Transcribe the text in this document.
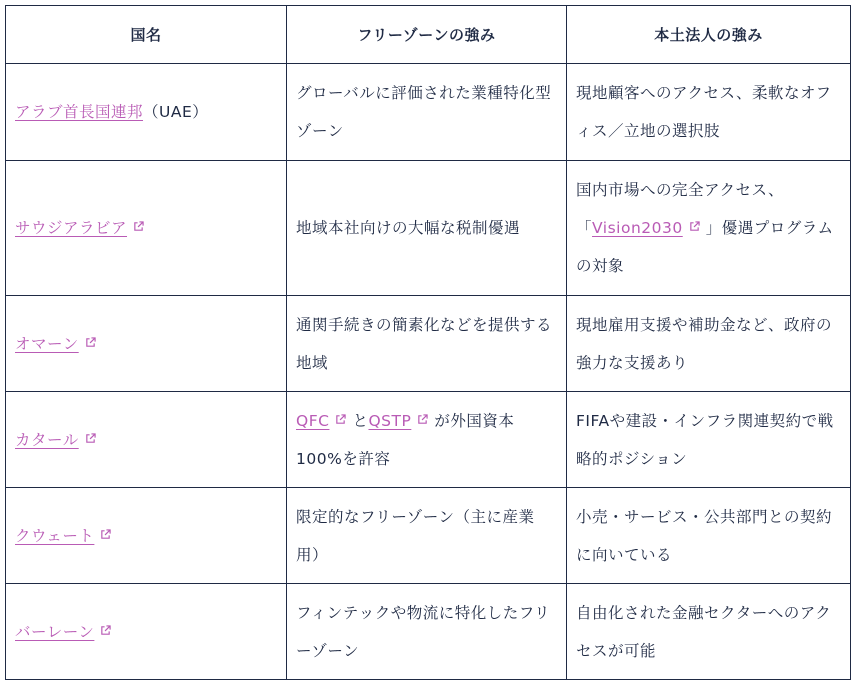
国名	フリーゾーンの強み	本土法人の強み
アラブ首長国連邦（UAE）	グローバルに評価された業種特化型ゾーン	現地顧客へのアクセス、柔軟なオフィス／立地の選択肢
サウジアラビア	地域本社向けの大幅な税制優遇	国内市場への完全アクセス、「Vision2030 」優遇プログラムの対象
オマーン	通関手続きの簡素化などを提供する地域	現地雇用支援や補助金など、政府の強力な支援あり
カタール	QFC とQSTP が外国資本100%を許容	FIFAや建設・インフラ関連契約で戦略的ポジション
クウェート	限定的なフリーゾーン（主に産業用）	小売・サービス・公共部門との契約に向いている
バーレーン	フィンテックや物流に特化したフリーゾーン	自由化された金融セクターへのアクセスが可能
